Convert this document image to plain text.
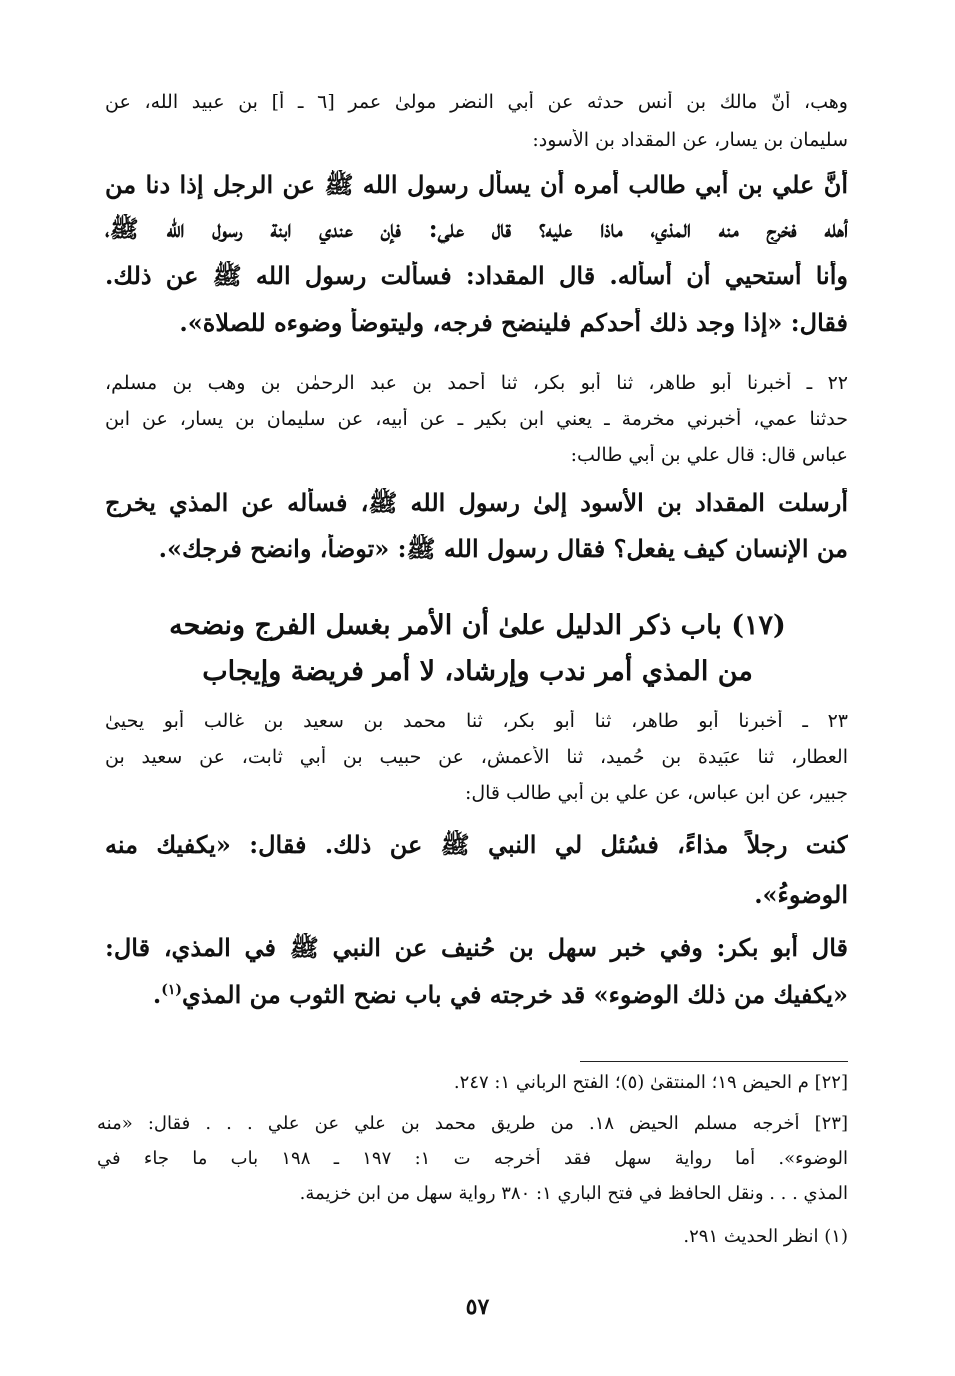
وهب، أنّ مالك بن أنس حدثه عن أبي النضر مولىٰ عمر [٦ ـ أ] بن عبيد الله، عن
سليمان بن يسار، عن المقداد بن الأسود:
أنَّ علي بن أبي طالب أمره أن يسأل رسول الله ﷺ عن الرجل إذا دنا من
أهله فخرج منه المذي، ماذا عليه؟ قال علي: فإن عندي ابنة رسول الله ﷺ،
وأنا أستحيي أن أسأله. قال المقداد: فسألت رسول الله ﷺ عن ذلك.
فقال: «إذا وجد ذلك أحدكم فلينضح فرجه، وليتوضأ وضوءه للصلاة».
٢٢ ـ أخبرنا أبو طاهر، ثنا أبو بكر، ثنا أحمد بن عبد الرحمٰن بن وهب بن مسلم،
حدثنا عمي، أخبرني مخرمة ـ يعني ابن بكير ـ عن أبيه، عن سليمان بن يسار، عن ابن
عباس قال: قال علي بن أبي طالب:
أرسلت المقداد بن الأسود إلىٰ رسول الله ﷺ، فسأله عن المذي يخرج
من الإنسان كيف يفعل؟ فقال رسول الله ﷺ: «توضأ، وانضح فرجك».
(١٧) باب ذكر الدليل علىٰ أن الأمر بغسل الفرج ونضحه
من المذي أمر ندب وإرشاد، لا أمر فريضة وإيجاب
٢٣ ـ أخبرنا أبو طاهر، ثنا أبو بكر، ثنا محمد بن سعيد بن غالب أبو يحيىٰ
العطار، ثنا عبَيدة بن حُميد، ثنا الأعمش، عن حبيب بن أبي ثابت، عن سعيد بن
جبير، عن ابن عباس، عن علي بن أبي طالب قال:
كنت رجلاً مذاءً، فسُئل لي النبي ﷺ عن ذلك. فقال: «يكفيك منه
الوضوءُ».
قال أبو بكر: وفي خبر سهل بن حُنيف عن النبي ﷺ في المذي، قال:
«يكفيك من ذلك الوضوء» قد خرجته في باب نضح الثوب من المذي$^{(١)}$.
[٢٢] م الحيض ١٩؛ المنتقىٰ (٥)؛ الفتح الرباني ١: ٢٤٧.
[٢٣] أخرجه مسلم الحيض ١٨. من طريق محمد بن علي عن علي . . . فقال: «منه
الوضوء». أما رواية سهل فقد أخرجه ت ١: ١٩٧ ـ ١٩٨ باب ما جاء في
المذي . . . ونقل الحافظ في فتح الباري ١: ٣٨٠ رواية سهل من ابن خزيمة.
(١) انظر الحديث ٢٩١.
٥٧
